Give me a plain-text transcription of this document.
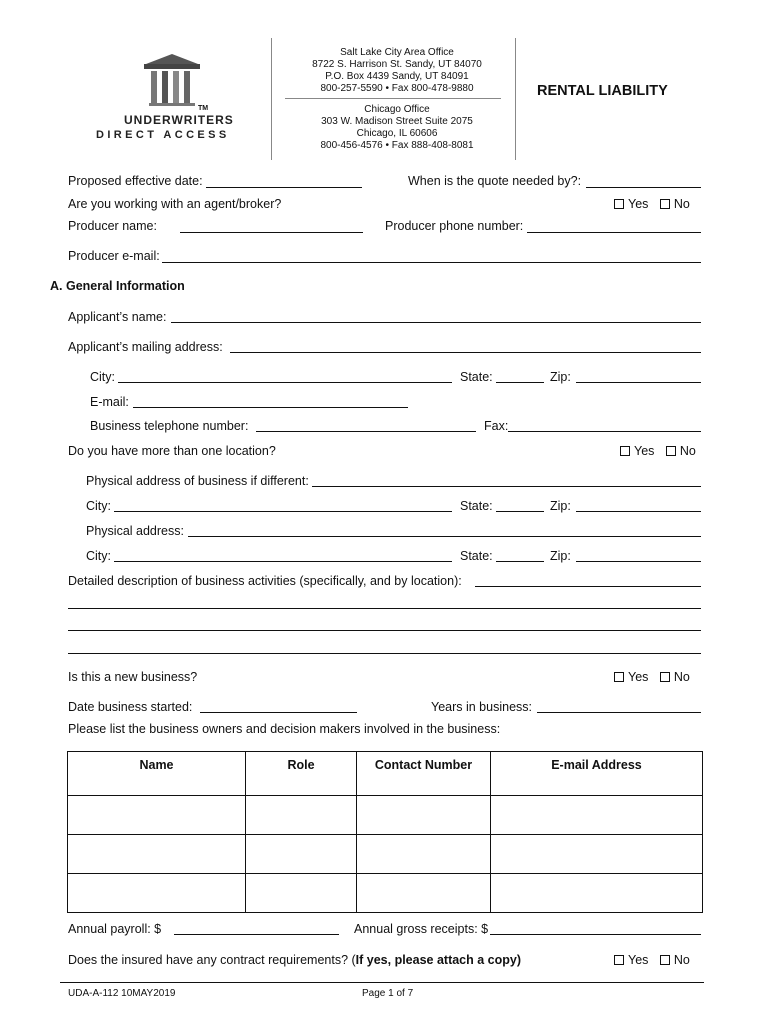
TM
UNDERWRITERS
DIRECT ACCESS
Salt Lake City Area Office
8722 S. Harrison St. Sandy, UT 84070
P.O. Box 4439 Sandy, UT 84091
800-257-5590 • Fax 800-478-9880
Chicago Office
303 W. Madison Street Suite 2075
Chicago, IL 60606
800-456-4576 • Fax 888-408-8081
RENTAL LIABILITY
Proposed effective date:	When is the quote needed by?:
Are you working with an agent/broker?	Yes No
Producer name:	Producer phone number:
Producer e-mail:
A. General Information
Applicant’s name:
Applicant’s mailing address:
City:	State:	Zip:
E-mail:
Business telephone number:	Fax:
Do you have more than one location?	Yes No
Physical address of business if different:
City:	State:	Zip:
Physical address:
City:	State:	Zip:
Detailed description of business activities (specifically, and by location):
Is this a new business?	Yes No
Date business started:	Years in business:
Please list the business owners and decision makers involved in the business:
Name	Role	Contact Number	E-mail Address

Annual payroll: $	Annual gross receipts: $
Does the insured have any contract requirements? (If yes, please attach a copy)	Yes No
UDA-A-112 10MAY2019	Page 1 of 7
